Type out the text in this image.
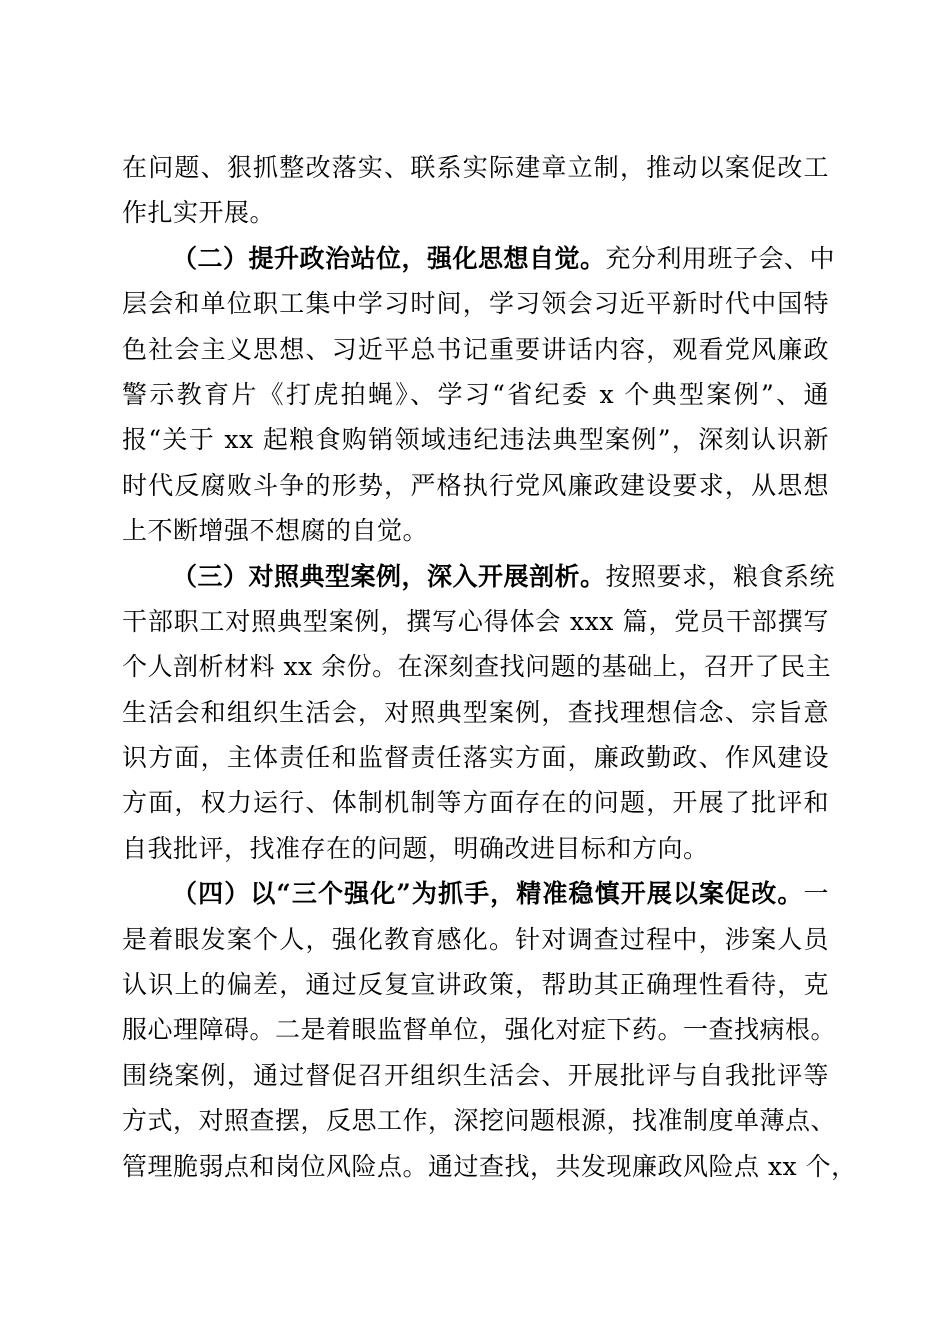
在问题、狠抓整改落实、联系实际建章立制，推动以案促改工
作扎实开展。
（二）提升政治站位，强化思想自觉。充分利用班子会、中
层会和单位职工集中学习时间，学习领会习近平新时代中国特
色社会主义思想、习近平总书记重要讲话内容，观看党风廉政
警示教育片《打虎拍蝇》、学习“省纪委 x 个典型案例”、通
报“关于 xx 起粮食购销领域违纪违法典型案例”，深刻认识新
时代反腐败斗争的形势，严格执行党风廉政建设要求，从思想
上不断增强不想腐的自觉。
（三）对照典型案例，深入开展剖析。按照要求，粮食系统
干部职工对照典型案例，撰写心得体会 xxx 篇，党员干部撰写
个人剖析材料 xx 余份。在深刻查找问题的基础上，召开了民主
生活会和组织生活会，对照典型案例，查找理想信念、宗旨意
识方面，主体责任和监督责任落实方面，廉政勤政、作风建设
方面，权力运行、体制机制等方面存在的问题，开展了批评和
自我批评，找准存在的问题，明确改进目标和方向。
（四）以“三个强化”为抓手，精准稳慎开展以案促改。一
是着眼发案个人，强化教育感化。针对调查过程中，涉案人员
认识上的偏差，通过反复宣讲政策，帮助其正确理性看待，克
服心理障碍。二是着眼监督单位，强化对症下药。一查找病根。
围绕案例，通过督促召开组织生活会、开展批评与自我批评等
方式，对照查摆，反思工作，深挖问题根源，找准制度单薄点、
管理脆弱点和岗位风险点。通过查找，共发现廉政风险点 xx 个，
